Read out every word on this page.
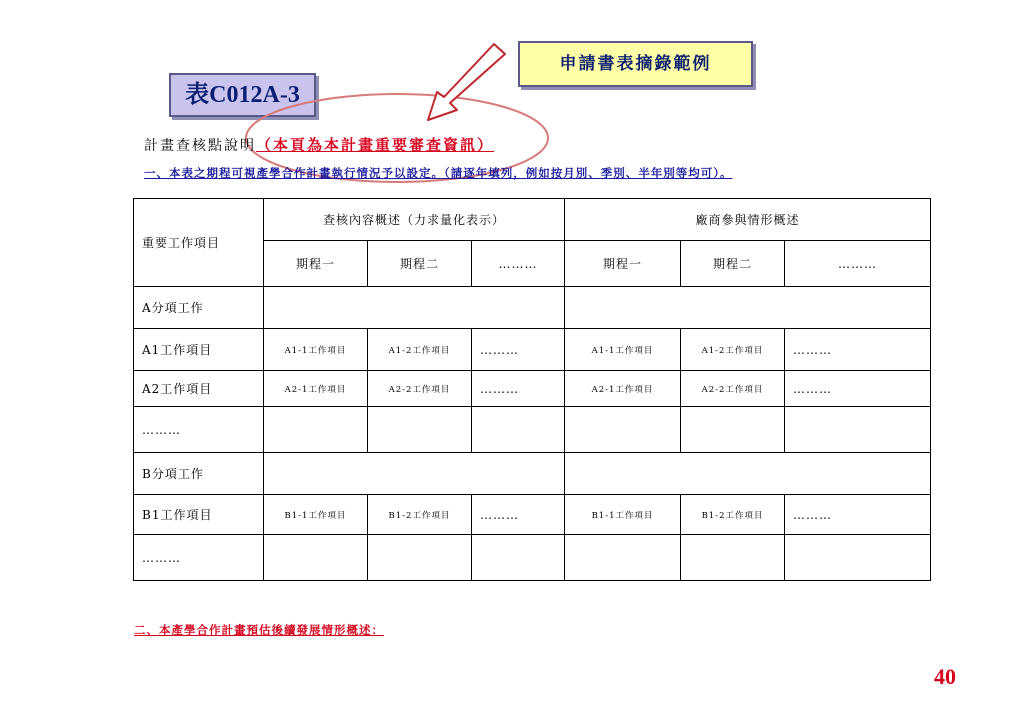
表C012A-3
申請書表摘錄範例
計畫查核點說明（本頁為本計畫重要審查資訊）
一、本表之期程可視產學合作計畫執行情況予以設定。（請逐年填列，例如按月別、季別、半年別等均可）。
重要工作項目	查核內容概述（力求量化表示）			廠商參與情形概述		
	期程一	期程二	………	期程一	期程二	………
A分項工作						
A1工作項目	A1-1工作項目	A1-2工作項目	………	A1-1工作項目	A1-2工作項目	………
A2工作項目	A2-1工作項目	A2-2工作項目	………	A2-1工作項目	A2-2工作項目	………
………						
B分項工作						
B1工作項目	B1-1工作項目	B1-2工作項目	………	B1-1工作項目	B1-2工作項目	………
………						
二、本產學合作計畫預估後續發展情形概述：
40
